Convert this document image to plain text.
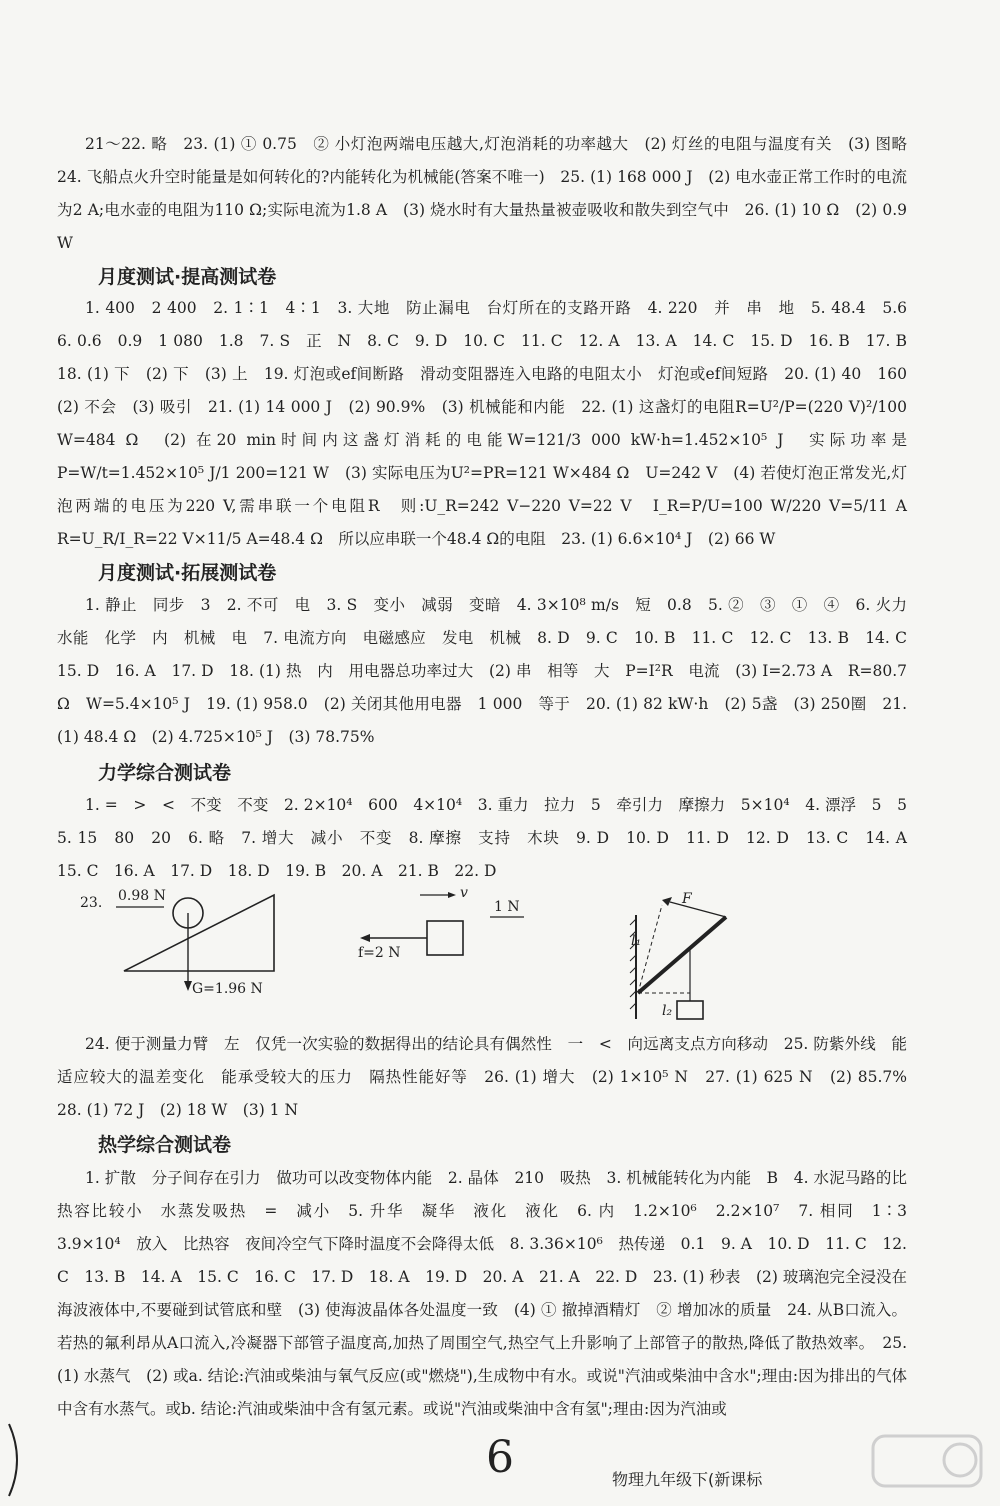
21～22. 略　23. (1) ① 0.75　② 小灯泡两端电压越大,灯泡消耗的功率越大　(2) 灯丝的电阻与温度有关　(3) 图略　24. 飞船点火升空时能量是如何转化的?内能转化为机械能(答案不唯一)　25. (1) 168 000 J　(2) 电水壶正常工作时的电流为2 A;电水壶的电阻为110 Ω;实际电流为1.8 A　(3) 烧水时有大量热量被壶吸收和散失到空气中　26. (1) 10 Ω　(2) 0.9 W

月度测试·提高测试卷

1. 400　2 400　2. 1∶1　4∶1　3. 大地　防止漏电　台灯所在的支路开路　4. 220　并　串　地　5. 48.4　5.6　6. 0.6　0.9　1 080　1.8　7. S　正　N　8. C　9. D　10. C　11. C　12. A　13. A　14. C　15. D　16. B　17. B　18. (1) 下　(2) 下　(3) 上　19. 灯泡或ef间断路　滑动变阻器连入电路的电阻太小　灯泡或ef间短路　20. (1) 40　160　(2) 不会　(3) 吸引　21. (1) 14 000 J　(2) 90.9%　(3) 机械能和内能　22. (1) 这盏灯的电阻R=U²/P=(220 V)²/100 W=484 Ω　(2) 在20 min时间内这盏灯消耗的电能W=121/3 000 kW·h=1.452×10⁵ J　实际功率是P=W/t=1.452×10⁵ J/1 200=121 W　(3) 实际电压为U²=PR=121 W×484 Ω　U=242 V　(4) 若使灯泡正常发光,灯泡两端的电压为220 V,需串联一个电阻R　则:U_R=242 V−220 V=22 V　I_R=P/U=100 W/220 V=5/11 A　R=U_R/I_R=22 V×11/5 A=48.4 Ω　所以应串联一个48.4 Ω的电阻　23. (1) 6.6×10⁴ J　(2) 66 W

月度测试·拓展测试卷

1. 静止　同步　3　2. 不可　电　3. S　变小　减弱　变暗　4. 3×10⁸ m/s　短　0.8　5. ②　③　①　④　6. 火力　水能　化学　内　机械　电　7. 电流方向　电磁感应　发电　机械　8. D　9. C　10. B　11. C　12. C　13. B　14. C　15. D　16. A　17. D　18. (1) 热　内　用电器总功率过大　(2) 串　相等　大　P=I²R　电流　(3) I=2.73 A　R=80.7 Ω　W=5.4×10⁵ J　19. (1) 958.0　(2) 关闭其他用电器　1 000　等于　20. (1) 82 kW·h　(2) 5盏　(3) 250圈　21. (1) 48.4 Ω　(2) 4.725×10⁵ J　(3) 78.75%

力学综合测试卷

1. =　>　<　不变　不变　2. 2×10⁴　600　4×10⁴　3. 重力　拉力　5　牵引力　摩擦力　5×10⁴　4. 漂浮　5　5　5. 15　80　20　6. 略　7. 增大　减小　不变　8. 摩擦　支持　木块　9. D　10. D　11. D　12. D　13. C　14. A　15. C　16. A　17. D　18. D　19. B　20. A　21. B　22. D

23. 0.98 N
G=1.96 N
v
f=2 N
1 N	F
l₁
l₂

24. 便于测量力臂　左　仅凭一次实验的数据得出的结论具有偶然性　一　<　向远离支点方向移动　25. 防紫外线　能适应较大的温差变化　能承受较大的压力　隔热性能好等　26. (1) 增大　(2) 1×10⁵ N　27. (1) 625 N　(2) 85.7%　28. (1) 72 J　(2) 18 W　(3) 1 N

热学综合测试卷

1. 扩散　分子间存在引力　做功可以改变物体内能　2. 晶体　210　吸热　3. 机械能转化为内能　B　4. 水泥马路的比热容比较小　水蒸发吸热　=　减小　5. 升华　凝华　液化　液化　6. 内　1.2×10⁶　2.2×10⁷　7. 相同　1∶3　3.9×10⁴　放入　比热容　夜间冷空气下降时温度不会降得太低　8. 3.36×10⁶　热传递　0.1　9. A　10. D　11. C　12. C　13. B　14. A　15. C　16. C　17. D　18. A　19. D　20. A　21. A　22. D　23. (1) 秒表　(2) 玻璃泡完全浸没在海波液体中,不要碰到试管底和壁　(3) 使海波晶体各处温度一致　(4) ① 撤掉酒精灯　② 增加冰的质量　24. 从B口流入。若热的氟利昂从A口流入,冷凝器下部管子温度高,加热了周围空气,热空气上升影响了上部管子的散热,降低了散热效率。　25. (1) 水蒸气　(2) 或a. 结论:汽油或柴油与氧气反应(或"燃烧"),生成物中有水。或说"汽油或柴油中含水";理由:因为排出的气体中含有水蒸气。或b. 结论:汽油或柴油中含有氢元素。或说"汽油或柴油中含有氢";理由:因为汽油或

6	物理九年级下(新课标
